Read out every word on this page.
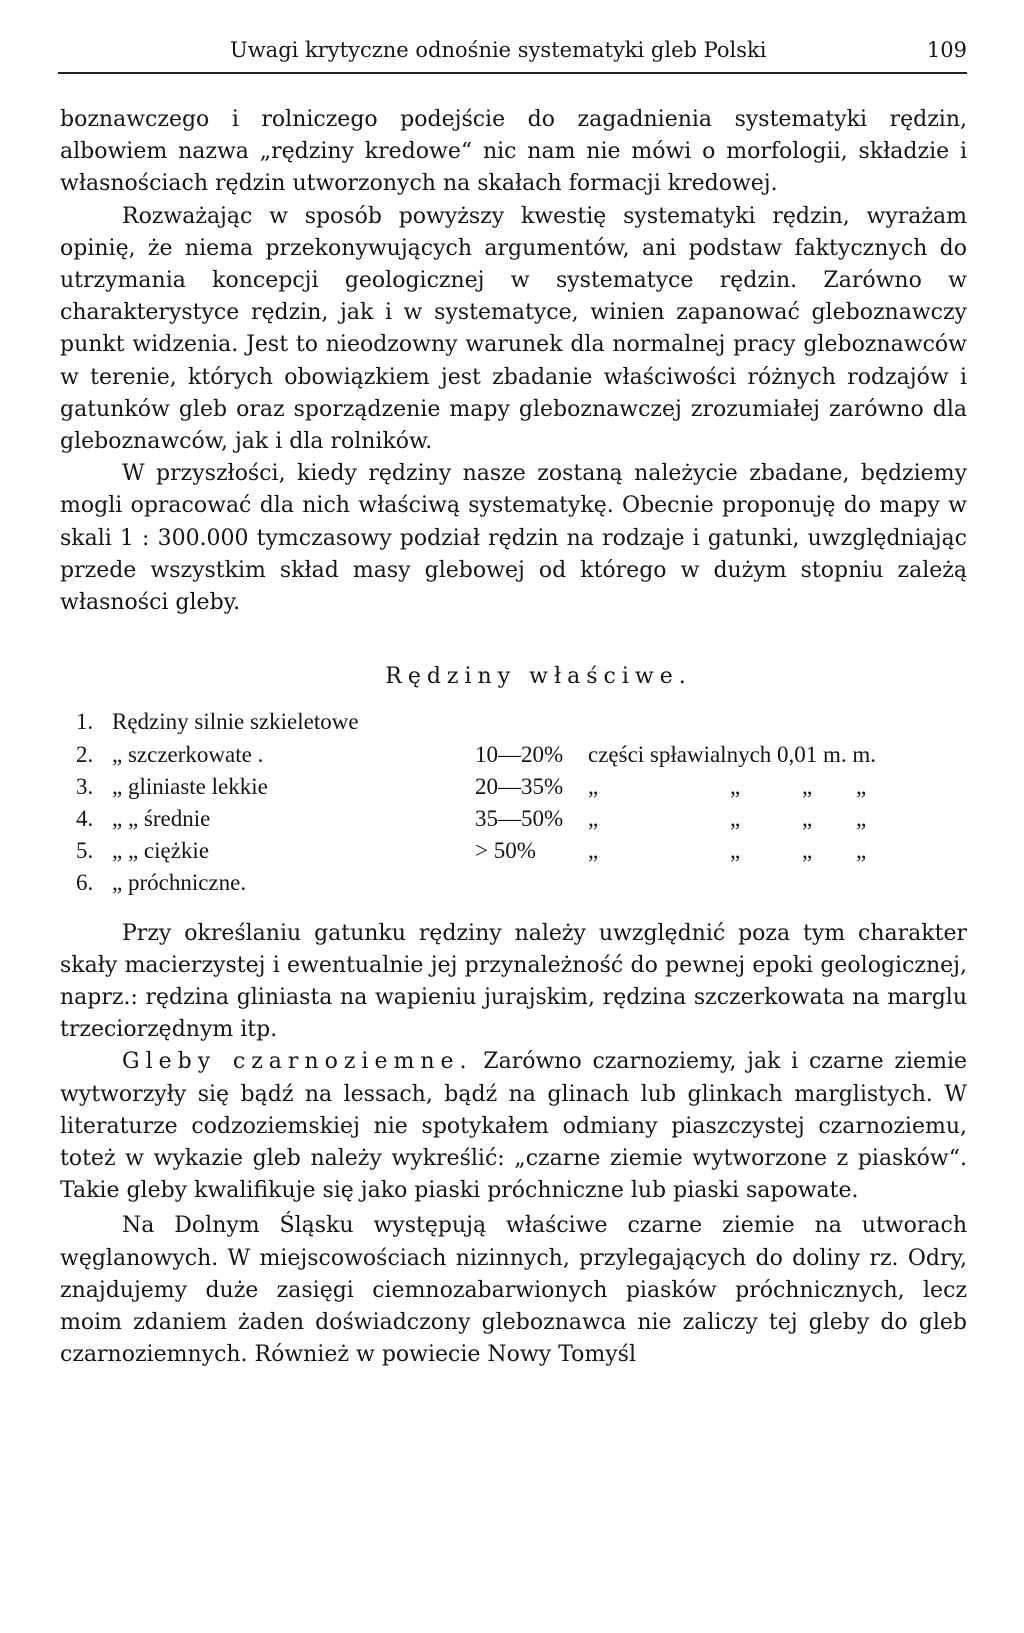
Uwagi krytyczne odnośnie systematyki gleb Polski	109

boznawczego i rolniczego podejście do zagadnienia systematyki rędzin, albowiem nazwa „rędziny kredowe“ nic nam nie mówi o morfologii, składzie i własnościach rędzin utworzonych na skałach formacji kredowej.

Rozważając w sposób powyższy kwestię systematyki rędzin, wyrażam opinię, że niema przekonywujących argumentów, ani podstaw faktycznych do utrzymania koncepcji geologicznej w systematyce rędzin. Zarówno w charakterystyce rędzin, jak i w systematyce, winien zapanować gleboznawczy punkt widzenia. Jest to nieodzowny warunek dla normalnej pracy gleboznawców w terenie, których obowiązkiem jest zbadanie właściwości różnych rodzajów i gatunków gleb oraz sporządzenie mapy gleboznawczej zrozumiałej zarówno dla gleboznawców, jak i dla rolników.

W przyszłości, kiedy rędziny nasze zostaną należycie zbadane, będziemy mogli opracować dla nich właściwą systematykę. Obecnie proponuję do mapy w skali 1 : 300.000 tymczasowy podział rędzin na rodzaje i gatunki, uwzględniając przede wszystkim skład masy glebowej od którego w dużym stopniu zależą własności gleby.

Rędziny właściwe.

1. Rędziny silnie szkieletowe
2. „ szczerkowate .	10—20% części spławialnych 0,01 m. m.
3. „ gliniaste lekkie	20—35% „	„	„ „
4. „ „ średnie	35—50% „	„	„ „
5. „ „ ciężkie	> 50% „	„	„ „
6. „ próchniczne.

Przy określaniu gatunku rędziny należy uwzględnić poza tym charakter skały macierzystej i ewentualnie jej przynależność do pewnej epoki geologicznej, naprz.: rędzina gliniasta na wapieniu jurajskim, rędzina szczerkowata na marglu trzeciorzędnym itp.

Gleby czarnoziemne. Zarówno czarnoziemy, jak i czarne ziemie wytworzyły się bądź na lessach, bądź na glinach lub glinkach marglistych. W literaturze codzoziemskiej nie spotykałem odmiany piaszczystej czarnoziemu, toteż w wykazie gleb należy wykreślić: „czarne ziemie wytworzone z piasków“. Takie gleby kwalifikuje się jako piaski próchniczne lub piaski sapowate.

Na Dolnym Śląsku występują właściwe czarne ziemie na utworach węglanowych. W miejscowościach nizinnych, przylegających do doliny rz. Odry, znajdujemy duże zasięgi ciemnozabarwionych piasków próchnicznych, lecz moim zdaniem żaden doświadczony gleboznawca nie zaliczy tej gleby do gleb czarnoziemnych. Również w powiecie Nowy Tomyśl
